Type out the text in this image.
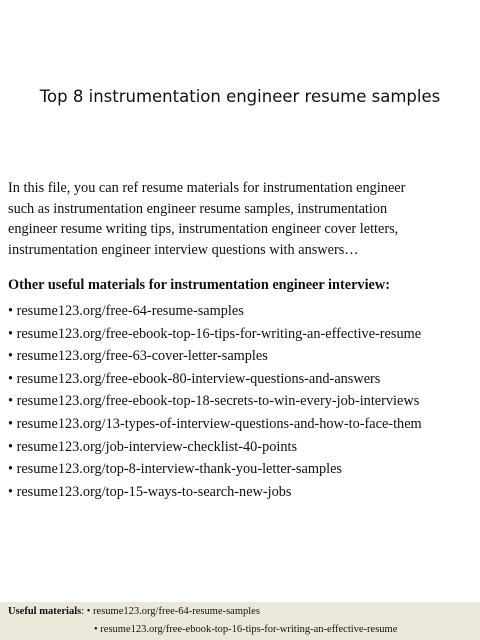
Top 8 instrumentation engineer resume samples
In this file, you can ref resume materials for instrumentation engineer
such as instrumentation engineer resume samples, instrumentation
engineer resume writing tips, instrumentation engineer cover letters,
instrumentation engineer interview questions with answers…
Other useful materials for instrumentation engineer interview:
• resume123.org/free-64-resume-samples
• resume123.org/free-ebook-top-16-tips-for-writing-an-effective-resume
• resume123.org/free-63-cover-letter-samples
• resume123.org/free-ebook-80-interview-questions-and-answers
• resume123.org/free-ebook-top-18-secrets-to-win-every-job-interviews
• resume123.org/13-types-of-interview-questions-and-how-to-face-them
• resume123.org/job-interview-checklist-40-points
• resume123.org/top-8-interview-thank-you-letter-samples
• resume123.org/top-15-ways-to-search-new-jobs
Useful materials: • resume123.org/free-64-resume-samples
• resume123.org/free-ebook-top-16-tips-for-writing-an-effective-resume
